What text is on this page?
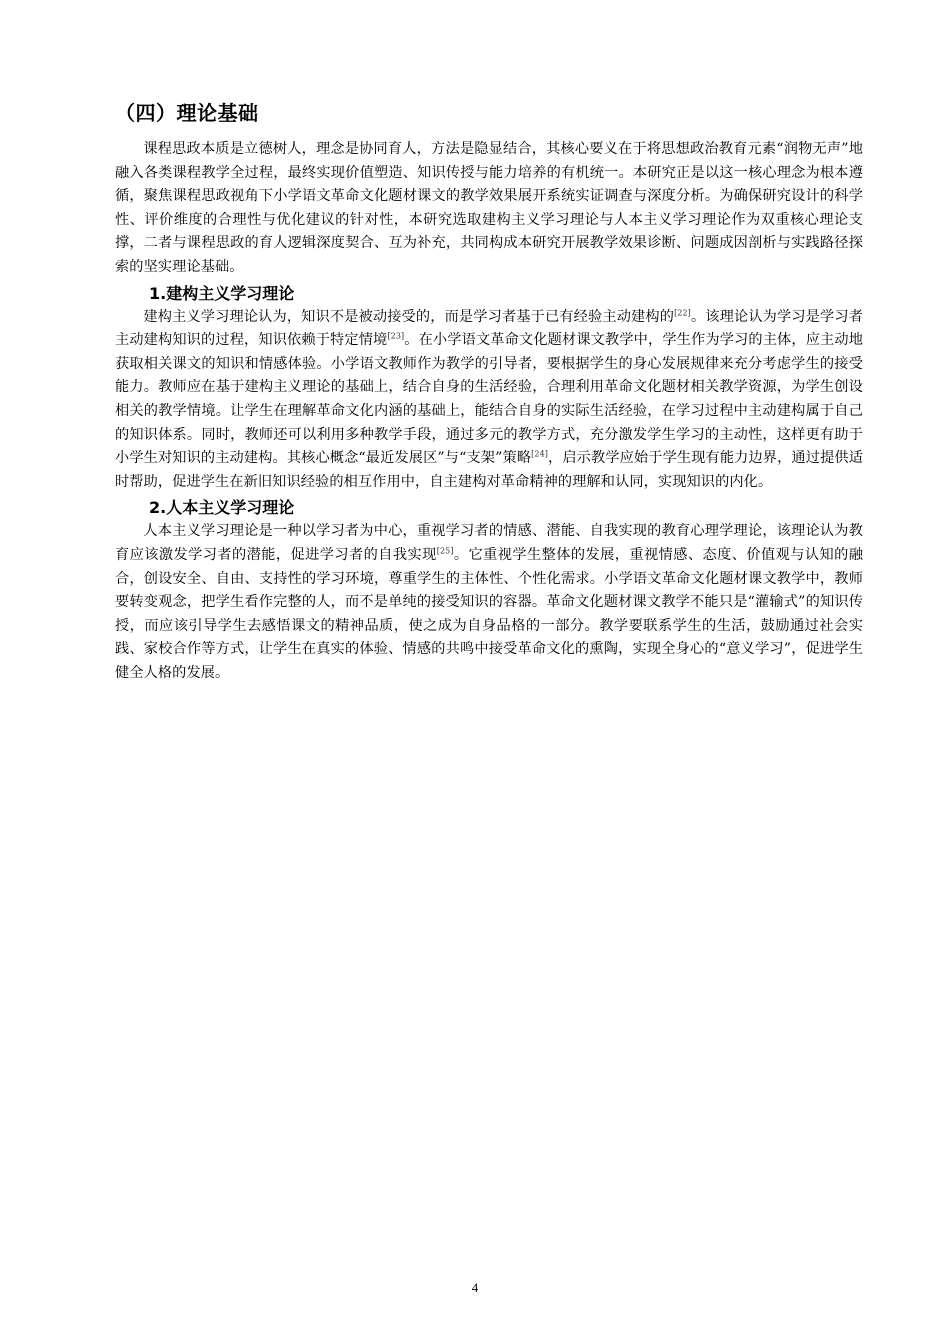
（四）理论基础

课程思政本质是立德树人，理念是协同育人，方法是隐显结合，其核心要义在于将思想政治教育元素“润物无声”地融入各类课程教学全过程，最终实现价值塑造、知识传授与能力培养的有机统一。本研究正是以这一核心理念为根本遵循，聚焦课程思政视角下小学语文革命文化题材课文的教学效果展开系统实证调查与深度分析。为确保研究设计的科学性、评价维度的合理性与优化建议的针对性，本研究选取建构主义学习理论与人本主义学习理论作为双重核心理论支撑，二者与课程思政的育人逻辑深度契合、互为补充，共同构成本研究开展教学效果诊断、问题成因剖析与实践路径探索的坚实理论基础。

1.建构主义学习理论

建构主义学习理论认为，知识不是被动接受的，而是学习者基于已有经验主动建构的[22]。该理论认为学习是学习者主动建构知识的过程，知识依赖于特定情境[23]。在小学语文革命文化题材课文教学中，学生作为学习的主体，应主动地获取相关课文的知识和情感体验。小学语文教师作为教学的引导者，要根据学生的身心发展规律来充分考虑学生的接受能力。教师应在基于建构主义理论的基础上，结合自身的生活经验，合理利用革命文化题材相关教学资源，为学生创设相关的教学情境。让学生在理解革命文化内涵的基础上，能结合自身的实际生活经验，在学习过程中主动建构属于自己的知识体系。同时，教师还可以利用多种教学手段，通过多元的教学方式，充分激发学生学习的主动性，这样更有助于小学生对知识的主动建构。其核心概念“最近发展区”与“支架”策略[24]，启示教学应始于学生现有能力边界，通过提供适时帮助，促进学生在新旧知识经验的相互作用中，自主建构对革命精神的理解和认同，实现知识的内化。

2.人本主义学习理论

人本主义学习理论是一种以学习者为中心，重视学习者的情感、潜能、自我实现的教育心理学理论，该理论认为教育应该激发学习者的潜能，促进学习者的自我实现[25]。它重视学生整体的发展，重视情感、态度、价值观与认知的融合，创设安全、自由、支持性的学习环境，尊重学生的主体性、个性化需求。小学语文革命文化题材课文教学中，教师要转变观念，把学生看作完整的人，而不是单纯的接受知识的容器。革命文化题材课文教学不能只是“灌输式”的知识传授，而应该引导学生去感悟课文的精神品质，使之成为自身品格的一部分。教学要联系学生的生活，鼓励通过社会实践、家校合作等方式，让学生在真实的体验、情感的共鸣中接受革命文化的熏陶，实现全身心的“意义学习”，促进学生健全人格的发展。

4
